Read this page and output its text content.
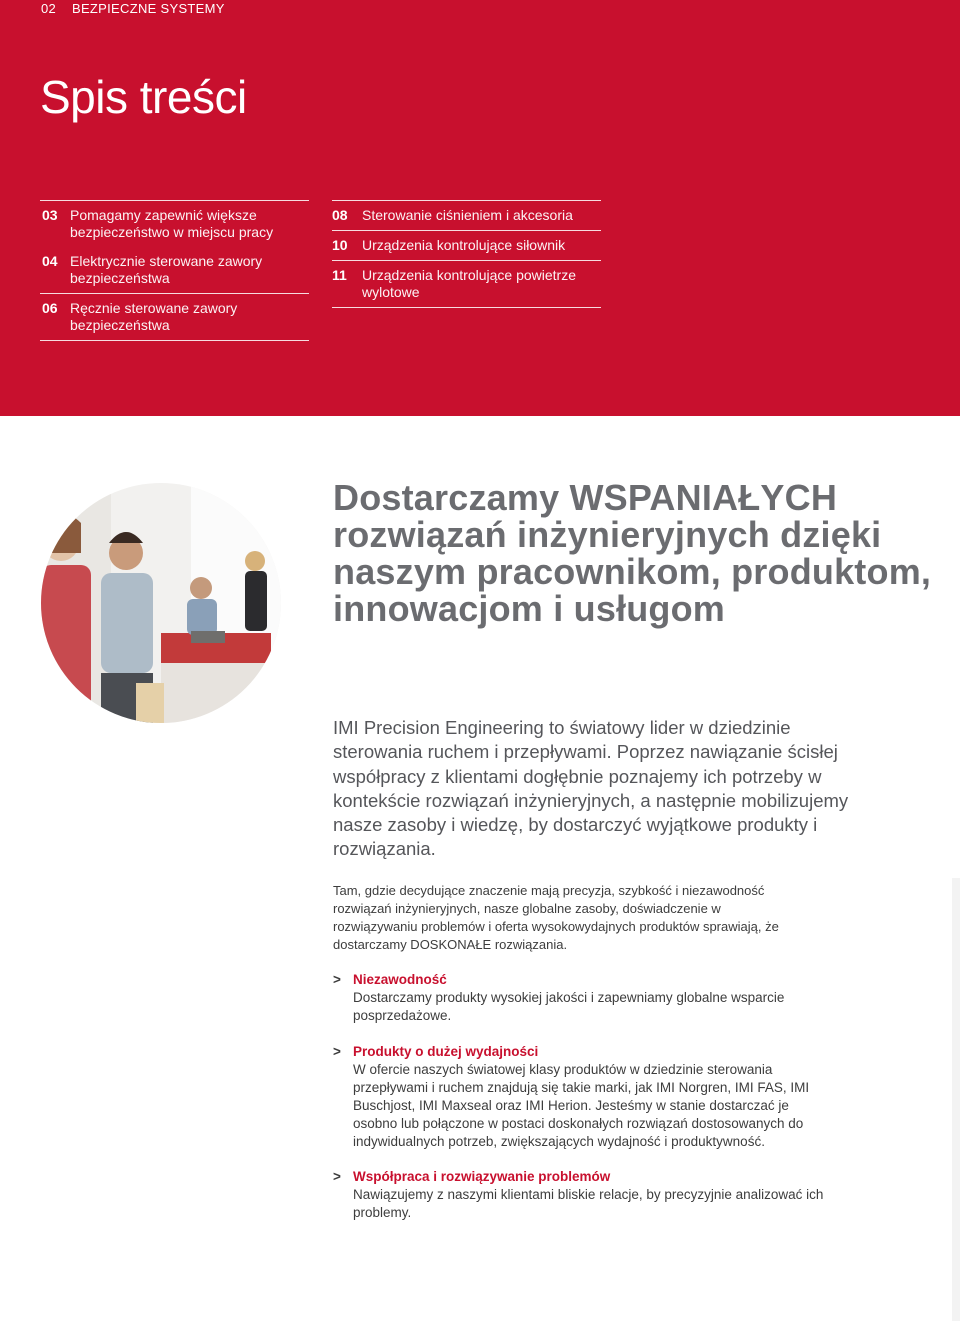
02 BEZPIECZNE SYSTEMY
Spis treści
03 Pomagamy zapewnić większe bezpieczeństwo w miejscu pracy
04 Elektrycznie sterowane zawory bezpieczeństwa
06 Ręcznie sterowane zawory bezpieczeństwa
08	Sterowanie ciśnieniem i akcesoria
10	Urządzenia kontrolujące siłownik
11	Urządzenia kontrolujące powietrze wylotowe
Dostarczamy WSPANIAŁYCH rozwiązań inżynieryjnych dzięki naszym pracownikom, produktom, innowacjom i usługom

IMI Precision Engineering to światowy lider w dziedzinie sterowania ruchem i przepływami. Poprzez nawiązanie ścisłej współpracy z klientami dogłębnie poznajemy ich potrzeby w kontekście rozwiązań inżynieryjnych, a następnie mobilizujemy nasze zasoby i wiedzę, by dostarczyć wyjątkowe produkty i rozwiązania.

Tam, gdzie decydujące znaczenie mają precyzja, szybkość i niezawodność rozwiązań inżynieryjnych, nasze globalne zasoby, doświadczenie w rozwiązywaniu problemów i oferta wysokowydajnych produktów sprawiają, że dostarczamy DOSKONAŁE rozwiązania.

> Niezawodność
Dostarczamy produkty wysokiej jakości i zapewniamy globalne wsparcie posprzedażowe.
> Produkty o dużej wydajności
W ofercie naszych światowej klasy produktów w dziedzinie sterowania przepływami i ruchem znajdują się takie marki, jak IMI Norgren, IMI FAS, IMI Buschjost, IMI Maxseal oraz IMI Herion. Jesteśmy w stanie dostarczać je osobno lub połączone w postaci doskonałych rozwiązań dostosowanych do indywidualnych potrzeb, zwiększających wydajność i produktywność.
> Współpraca i rozwiązywanie problemów
Nawiązujemy z naszymi klientami bliskie relacje, by precyzyjnie analizować ich problemy.
